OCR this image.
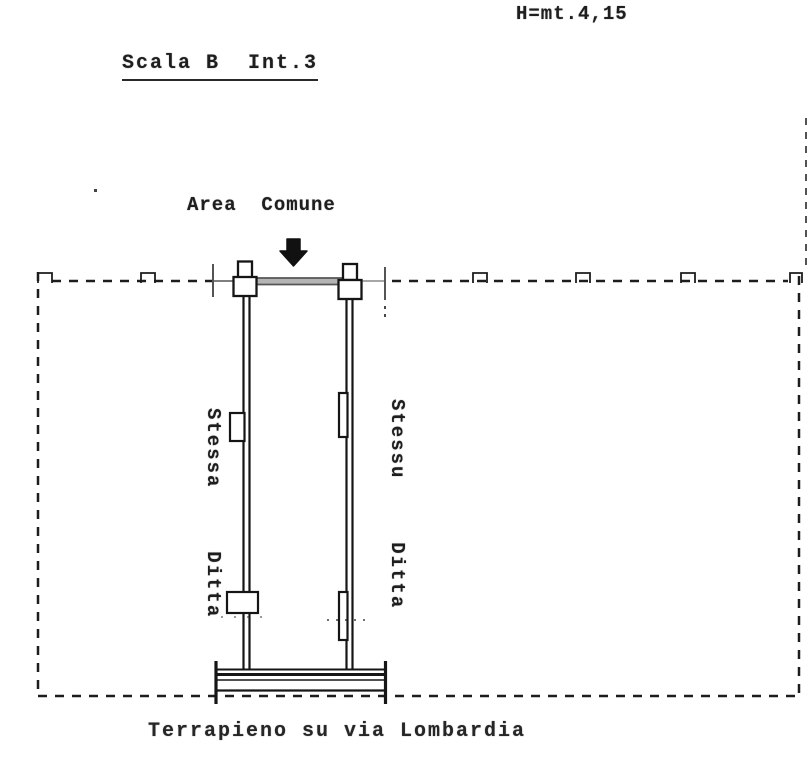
H=mt.4,15
Scala B  Int.3
Area  Comune
Stessa  Ditta	Stessu  Ditta
Terrapieno su via Lombardia
